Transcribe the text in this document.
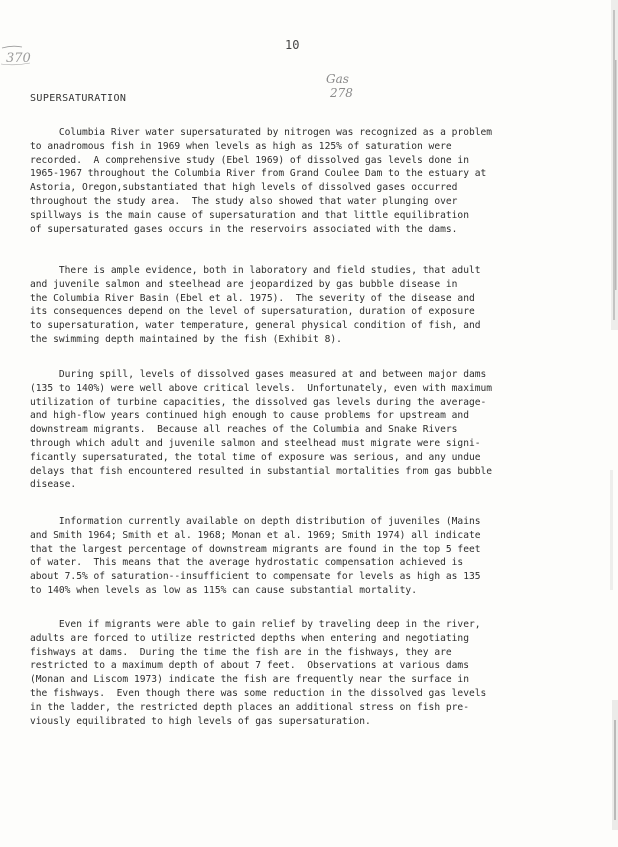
370
10
Gas
278
SUPERSATURATION
Columbia River water supersaturated by nitrogen was recognized as a problem
to anadromous fish in 1969 when levels as high as 125% of saturation were
recorded.  A comprehensive study (Ebel 1969) of dissolved gas levels done in
1965-1967 throughout the Columbia River from Grand Coulee Dam to the estuary at
Astoria, Oregon,substantiated that high levels of dissolved gases occurred
throughout the study area.  The study also showed that water plunging over
spillways is the main cause of supersaturation and that little equilibration
of supersaturated gases occurs in the reservoirs associated with the dams.
There is ample evidence, both in laboratory and field studies, that adult
and juvenile salmon and steelhead are jeopardized by gas bubble disease in
the Columbia River Basin (Ebel et al. 1975).  The severity of the disease and
its consequences depend on the level of supersaturation, duration of exposure
to supersaturation, water temperature, general physical condition of fish, and
the swimming depth maintained by the fish (Exhibit 8).
During spill, levels of dissolved gases measured at and between major dams
(135 to 140%) were well above critical levels.  Unfortunately, even with maximum
utilization of turbine capacities, the dissolved gas levels during the average-
and high-flow years continued high enough to cause problems for upstream and
downstream migrants.  Because all reaches of the Columbia and Snake Rivers
through which adult and juvenile salmon and steelhead must migrate were signi-
ficantly supersaturated, the total time of exposure was serious, and any undue
delays that fish encountered resulted in substantial mortalities from gas bubble
disease.
Information currently available on depth distribution of juveniles (Mains
and Smith 1964; Smith et al. 1968; Monan et al. 1969; Smith 1974) all indicate
that the largest percentage of downstream migrants are found in the top 5 feet
of water.  This means that the average hydrostatic compensation achieved is
about 7.5% of saturation--insufficient to compensate for levels as high as 135
to 140% when levels as low as 115% can cause substantial mortality.
Even if migrants were able to gain relief by traveling deep in the river,
adults are forced to utilize restricted depths when entering and negotiating
fishways at dams.  During the time the fish are in the fishways, they are
restricted to a maximum depth of about 7 feet.  Observations at various dams
(Monan and Liscom 1973) indicate the fish are frequently near the surface in
the fishways.  Even though there was some reduction in the dissolved gas levels
in the ladder, the restricted depth places an additional stress on fish pre-
viously equilibrated to high levels of gas supersaturation.
